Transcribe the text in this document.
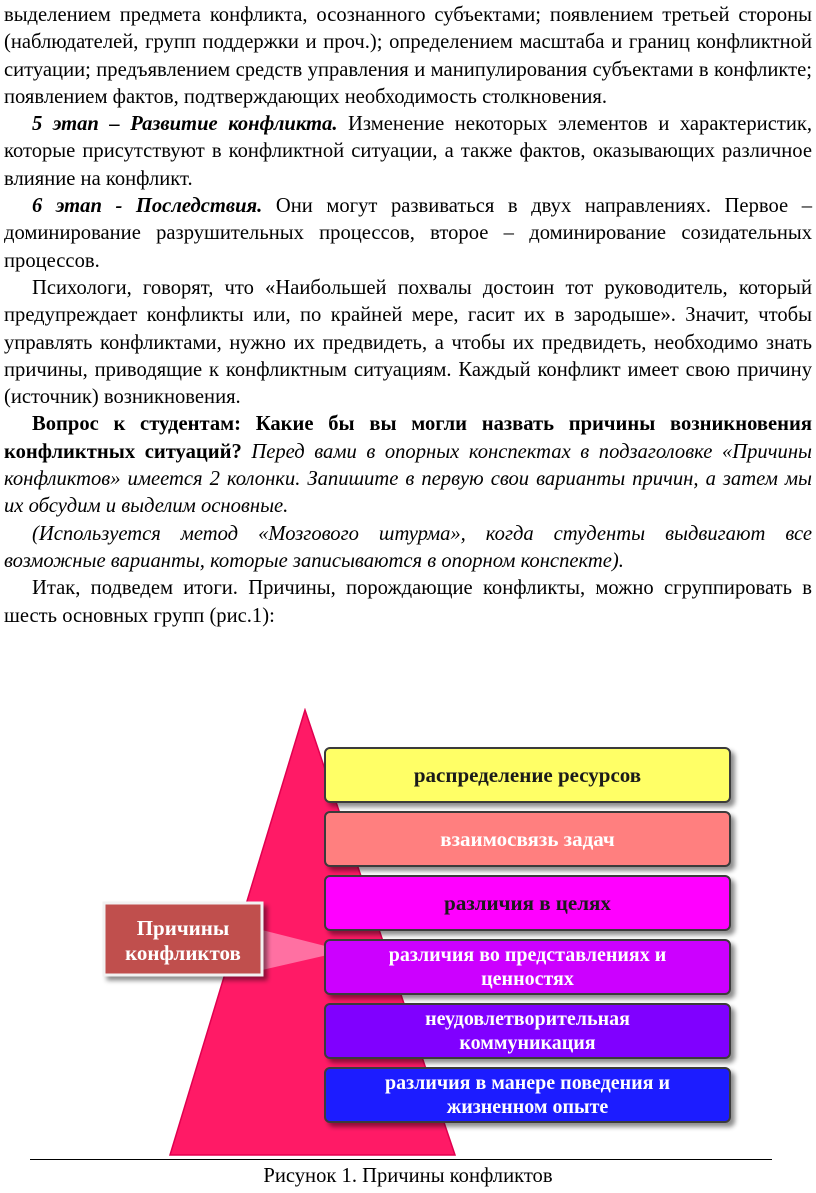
выделением предмета конфликта, осознанного субъектами; появлением третьей стороны (наблюдателей, групп поддержки и проч.); определением масштаба и границ конфликтной ситуации; предъявлением средств управления и манипулирования субъектами в конфликте; появлением фактов, подтверждающих необходимость столкновения.

5 этап – Развитие конфликта. Изменение некоторых элементов и характеристик, которые присутствуют в конфликтной ситуации, а также фактов, оказывающих различное влияние на конфликт.

6 этап - Последствия. Они могут развиваться в двух направлениях. Первое – доминирование разрушительных процессов, второе – доминирование созидательных процессов.

Психологи, говорят, что «Наибольшей похвалы достоин тот руководитель, который предупреждает конфликты или, по крайней мере, гасит их в зародыше». Значит, чтобы управлять конфликтами, нужно их предвидеть, а чтобы их предвидеть, необходимо знать причины, приводящие к конфликтным ситуациям. Каждый конфликт имеет свою причину (источник) возникновения.

Вопрос к студентам: Какие бы вы могли назвать причины возникновения конфликтных ситуаций? Перед вами в опорных конспектах в подзаголовке «Причины конфликтов» имеется 2 колонки. Запишите в первую свои варианты причин, а затем мы их обсудим и выделим основные.

(Используется метод «Мозгового штурма», когда студенты выдвигают все возможные варианты, которые записываются в опорном конспекте).

Итак, подведем итоги. Причины, порождающие конфликты, можно сгруппировать в шесть основных групп (рис.1):

Причины
конфликтов
распределение ресурсов
взаимосвязь задач
различия в целях
различия во представлениях и
ценностях
неудовлетворительная
коммуникация
различия в манере поведения и
жизненном опыте
Рисунок 1. Причины конфликтов
